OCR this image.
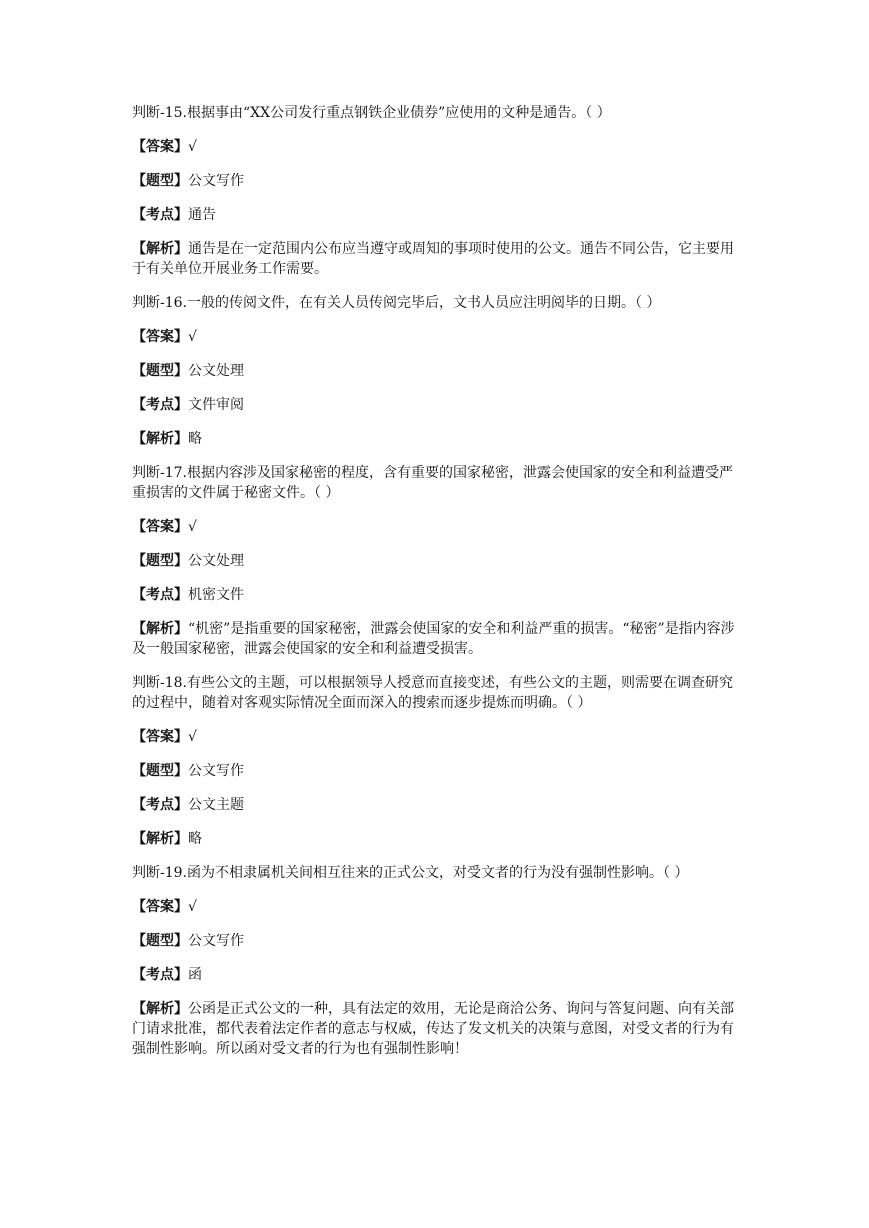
判断-15.根据事由“XX公司发行重点钢铁企业债券”应使用的文种是通告。（ ）

【答案】√

【题型】公文写作

【考点】通告

【解析】通告是在一定范围内公布应当遵守或周知的事项时使用的公文。通告不同公告，它主要用于有关单位开展业务工作需要。

判断-16.一般的传阅文件，在有关人员传阅完毕后，文书人员应注明阅毕的日期。（ ）

【答案】√

【题型】公文处理

【考点】文件审阅

【解析】略

判断-17.根据内容涉及国家秘密的程度，含有重要的国家秘密，泄露会使国家的安全和利益遭受严重损害的文件属于秘密文件。（ ）

【答案】√

【题型】公文处理

【考点】机密文件

【解析】“机密”是指重要的国家秘密，泄露会使国家的安全和利益严重的损害。“秘密”是指内容涉及一般国家秘密，泄露会使国家的安全和利益遭受损害。

判断-18.有些公文的主题，可以根据领导人授意而直接变述，有些公文的主题，则需要在调查研究的过程中，随着对客观实际情况全面而深入的搜索而逐步提炼而明确。（ ）

【答案】√

【题型】公文写作

【考点】公文主题

【解析】略

判断-19.函为不相隶属机关间相互往来的正式公文，对受文者的行为没有强制性影响。（ ）

【答案】√

【题型】公文写作

【考点】函

【解析】公函是正式公文的一种，具有法定的效用，无论是商洽公务、询问与答复问题、向有关部门请求批准，都代表着法定作者的意志与权威，传达了发文机关的决策与意图，对受文者的行为有强制性影响。所以函对受文者的行为也有强制性影响！
